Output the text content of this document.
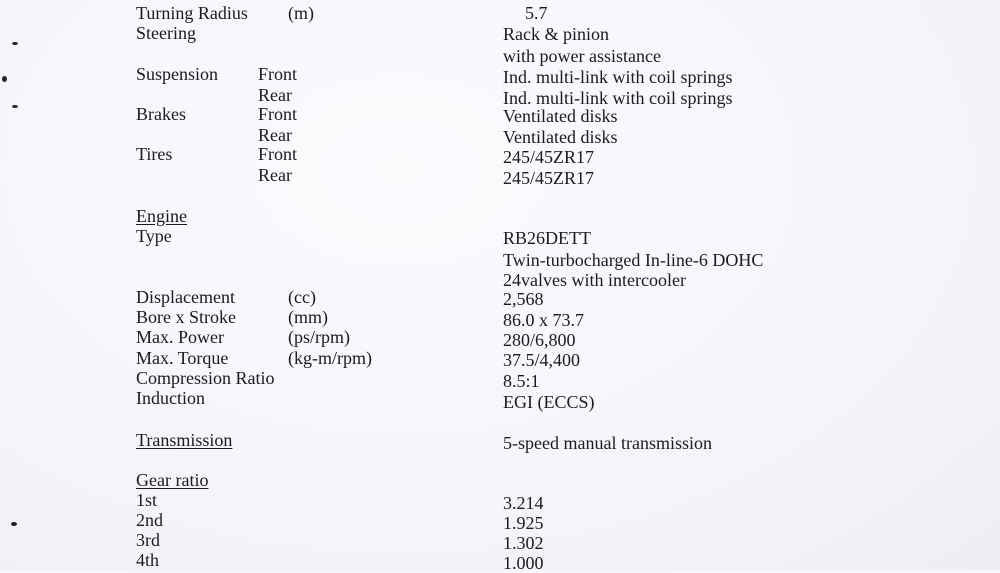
Turning Radius (m)	5.7
Steering	Rack & pinion
with power assistance
Suspension Front	Ind. multi-link with coil springs
Rear	Ind. multi-link with coil springs
Brakes	Front	Ventilated disks
Rear	Ventilated disks
Tires	Front	245/45ZR17
Rear	245/45ZR17
Engine
Type	RB26DETT
Twin-turbocharged In-line-6 DOHC
24valves with intercooler
Displacement	(cc)	2,568
Bore x Stroke	(mm)	86.0 x 73.7
Max. Power	(ps/rpm)	280/6,800
Max. Torque	(kg-m/rpm)	37.5/4,400
Compression Ratio	8.5:1
Induction	EGI (ECCS)
Transmission	5-speed manual transmission
Gear ratio
1st	3.214
2nd	1.925
3rd	1.302
4th	1.000
